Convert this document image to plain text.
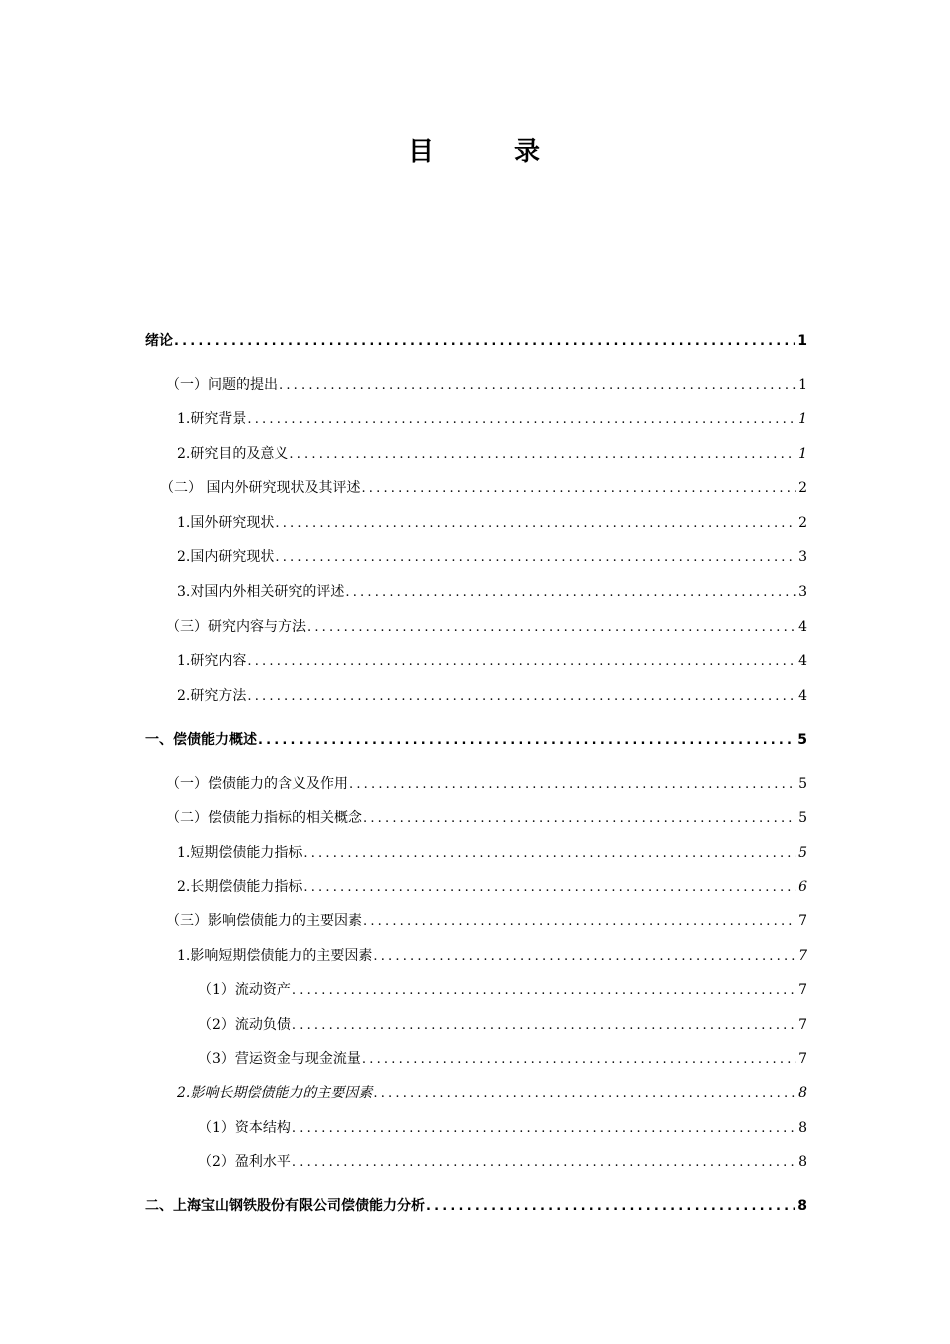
目	录
绪论 .....	1
（一）问题的提出 .....	1
1.研究背景 .....	1
2.研究目的及意义 .....	1
（二） 国内外研究现状及其评述 .....	2
1.国外研究现状 .....	2
2.国内研究现状 .....	3
3.对国内外相关研究的评述 .....	3
（三）研究内容与方法 .....	4
1.研究内容 .....	4
2.研究方法 .....	4
一、偿债能力概述 .....	5
（一）偿债能力的含义及作用 .....	5
（二）偿债能力指标的相关概念 .....	5
1.短期偿债能力指标 .....	5
2.长期偿债能力指标 .....	6
（三）影响偿债能力的主要因素 .....	7
1.影响短期偿债能力的主要因素 .....	7
（1）流动资产 .....	7
（2）流动负债 .....	7
（3）营运资金与现金流量 .....	7
2.影响长期偿债能力的主要因素 .....	8
（1）资本结构 .....	8
（2）盈利水平 .....	8
二、上海宝山钢铁股份有限公司偿债能力分析 .....	8
